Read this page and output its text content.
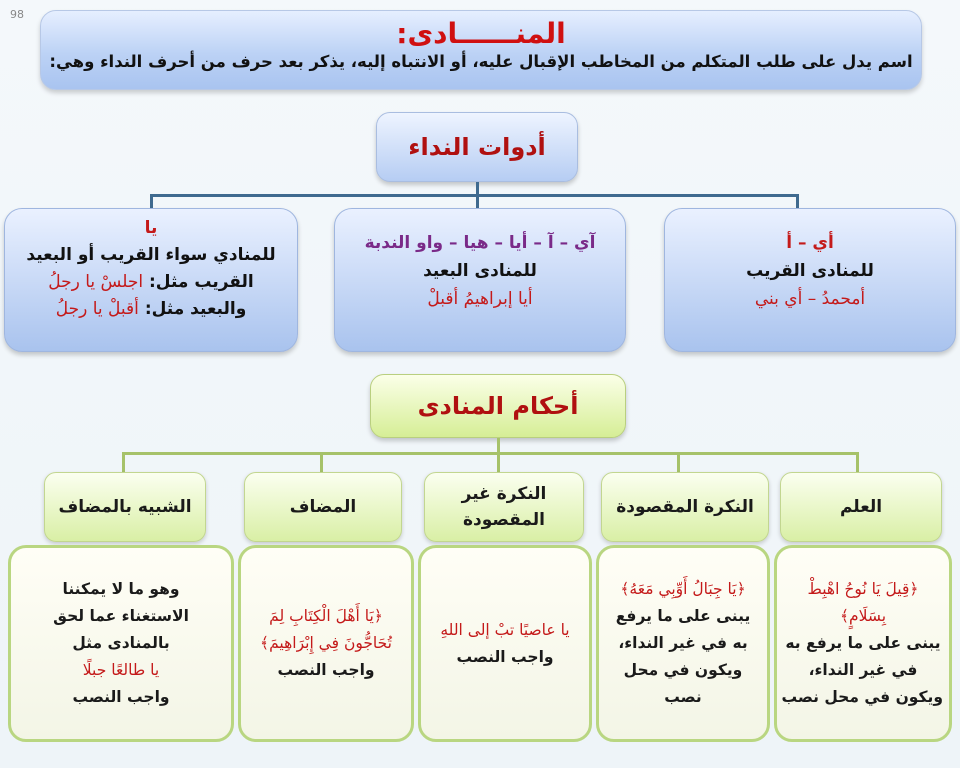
98
المنــــــادى:
اسم يدل على طلب المتكلم من المخاطب الإقبال عليه، أو الانتباه إليه، يذكر بعد حرف من أحرف النداء وهي:
أدوات النداء
أي – أ
للمنادى القريب
أمحمدُ – أي بني
آي – آ – أيا – هيا – واو الندبة
للمنادى البعيد
أيا إبراهيمُ أقبلْ
يا
للمنادي سواء القريب أو البعيد
القريب مثل: اجلسْ يا رجلُ
والبعيد مثل: أقبلْ يا رجلُ
أحكام المنادى
العلم
النكرة المقصودة
النكرة غير
المقصودة
المضاف
الشبيه بالمضاف
﴿قِيلَ يَا نُوحُ اهْبِطْ
بِسَلَامٍ﴾
يبنى على ما يرفع به
في غير النداء،
ويكون في محل نصب
﴿يَا جِبَالُ أَوِّبِي مَعَهُ﴾
يبنى على ما يرفع
به في غير النداء،
ويكون في محل
نصب
يا عاصيًا تبْ إلى اللهِ
واجب النصب
﴿يَا أَهْلَ الْكِتَابِ لِمَ
تُحَاجُّونَ فِي إِبْرَاهِيمَ﴾
واجب النصب
وهو ما لا يمكننا
الاستغناء عما لحق
بالمنادى مثل
يا طالعًا جبلًا
واجب النصب
